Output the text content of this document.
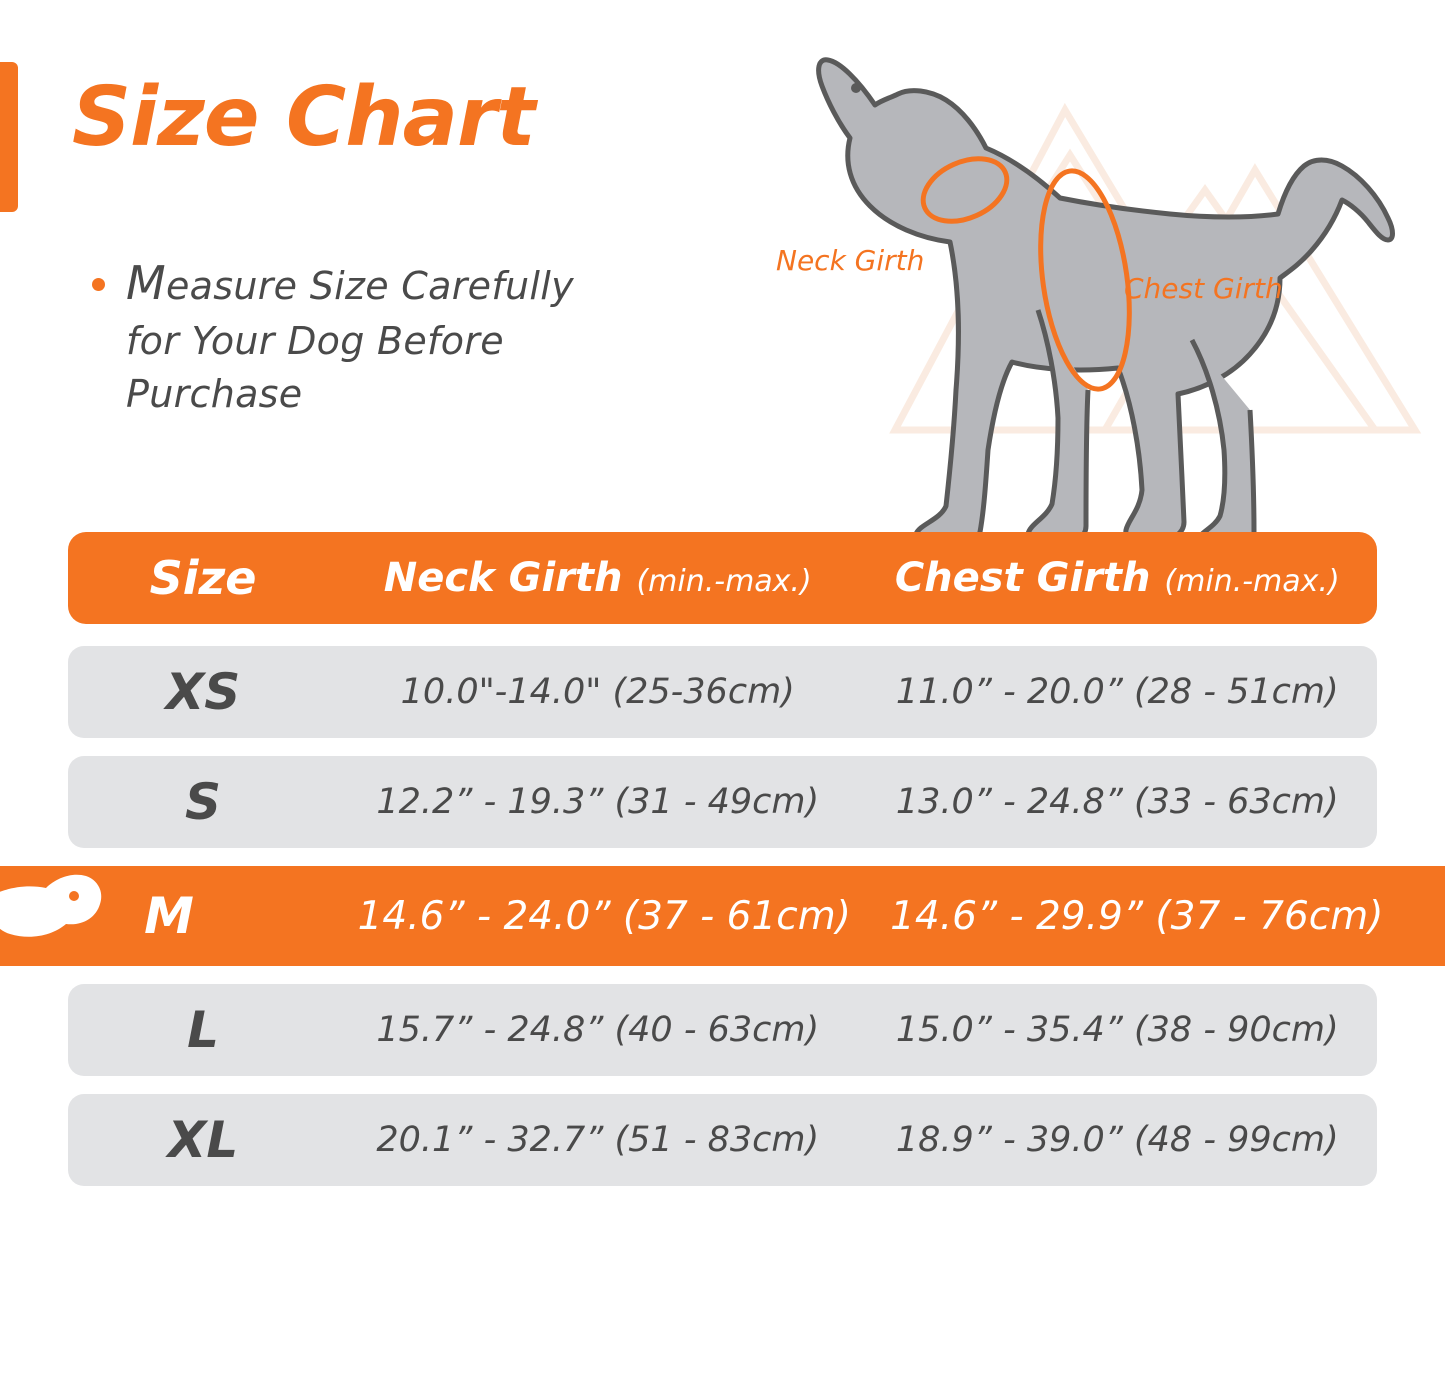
Size Chart
Measure Size Carefully
for Your Dog Before
Purchase
Neck Girth
Chest Girth
Size	Neck Girth (min.-max.)	Chest Girth (min.-max.)
XS	10.0"-14.0" (25-36cm)	11.0” - 20.0” (28 - 51cm)
S	12.2” - 19.3” (31 - 49cm)	13.0” - 24.8” (33 - 63cm)
M	14.6” - 24.0” (37 - 61cm)	14.6” - 29.9” (37 - 76cm)
L	15.7” - 24.8” (40 - 63cm)	15.0” - 35.4” (38 - 90cm)
XL	20.1” - 32.7” (51 - 83cm)	18.9” - 39.0” (48 - 99cm)
